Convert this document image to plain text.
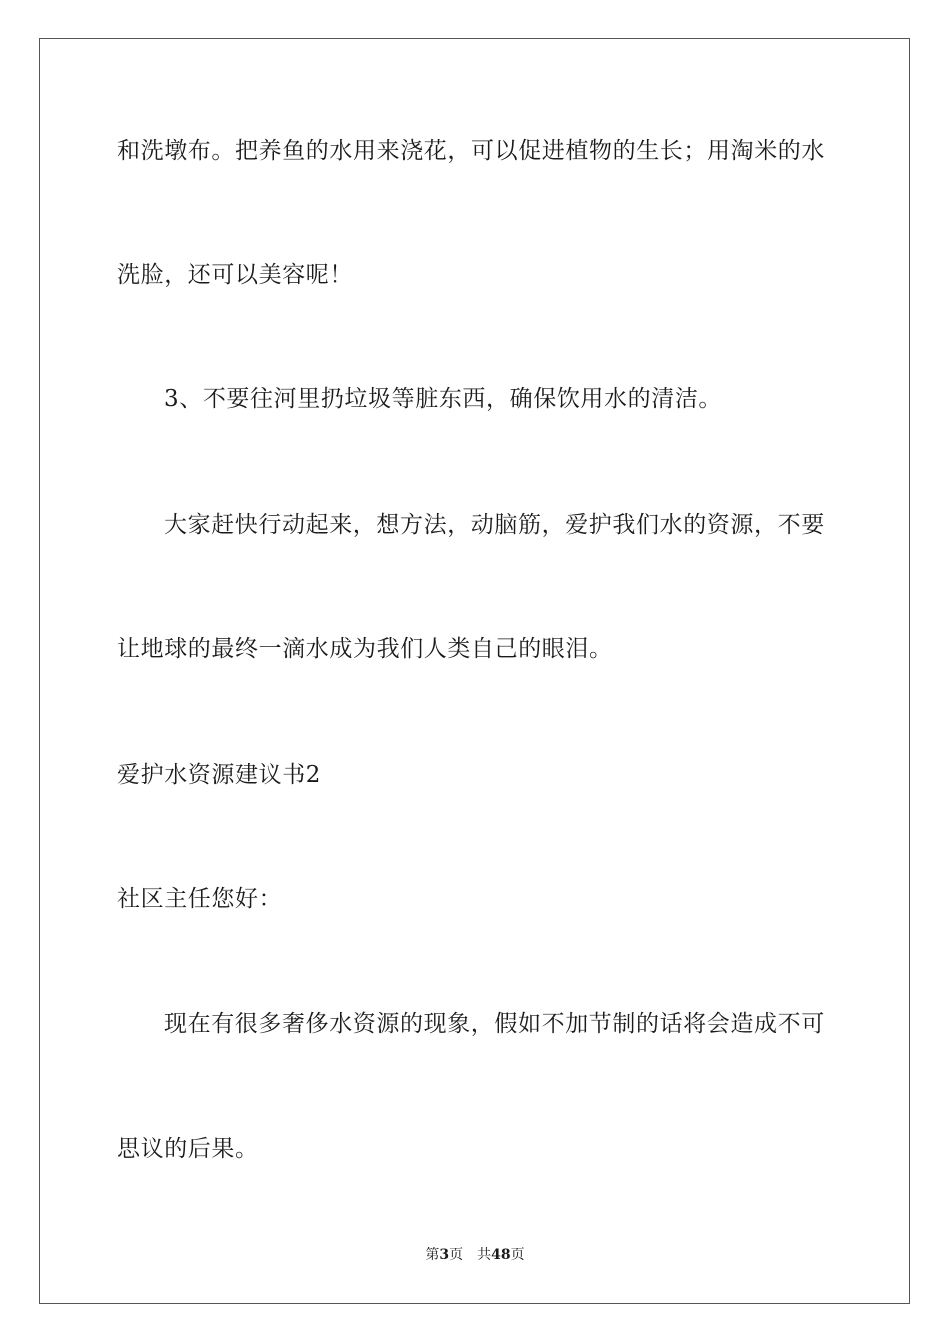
和洗墩布。把养鱼的水用来浇花，可以促进植物的生长；用淘米的水
洗脸，还可以美容呢！
3、不要往河里扔垃圾等脏东西，确保饮用水的清洁。
大家赶快行动起来，想方法，动脑筋，爱护我们水的资源，不要
让地球的最终一滴水成为我们人类自己的眼泪。
爱护水资源建议书2
社区主任您好：
现在有很多奢侈水资源的现象，假如不加节制的话将会造成不可
思议的后果。
第3页 共48页
